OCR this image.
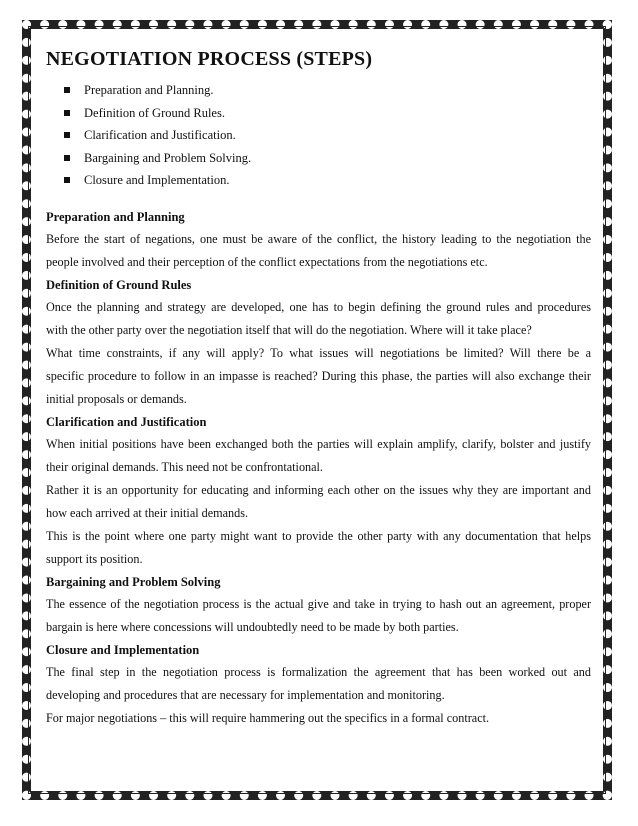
NEGOTIATION PROCESS (STEPS)
Preparation and Planning.
Definition of Ground Rules.
Clarification and Justification.
Bargaining and Problem Solving.
Closure and Implementation.
Preparation and Planning
Before the start of negations, one must be aware of the conflict, the history leading to the negotiation the
people involved and their perception of the conflict expectations from the negotiations etc.
Definition of Ground Rules
Once the planning and strategy are developed, one has to begin defining the ground rules and procedures
with the other party over the negotiation itself that will do the negotiation. Where will it take place?
What time constraints, if any will apply? To what issues will negotiations be limited? Will there be a
specific procedure to follow in an impasse is reached? During this phase, the parties will also exchange their
initial proposals or demands.
Clarification and Justification
When initial positions have been exchanged both the parties will explain amplify, clarify, bolster and justify
their original demands. This need not be confrontational.
Rather it is an opportunity for educating and informing each other on the issues why they are important and
how each arrived at their initial demands.
This is the point where one party might want to provide the other party with any documentation that helps
support its position.
Bargaining and Problem Solving
The essence of the negotiation process is the actual give and take in trying to hash out an agreement, proper
bargain is here where concessions will undoubtedly need to be made by both parties.
Closure and Implementation
The final step in the negotiation process is formalization the agreement that has been worked out and
developing and procedures that are necessary for implementation and monitoring.
For major negotiations – this will require hammering out the specifics in a formal contract.
